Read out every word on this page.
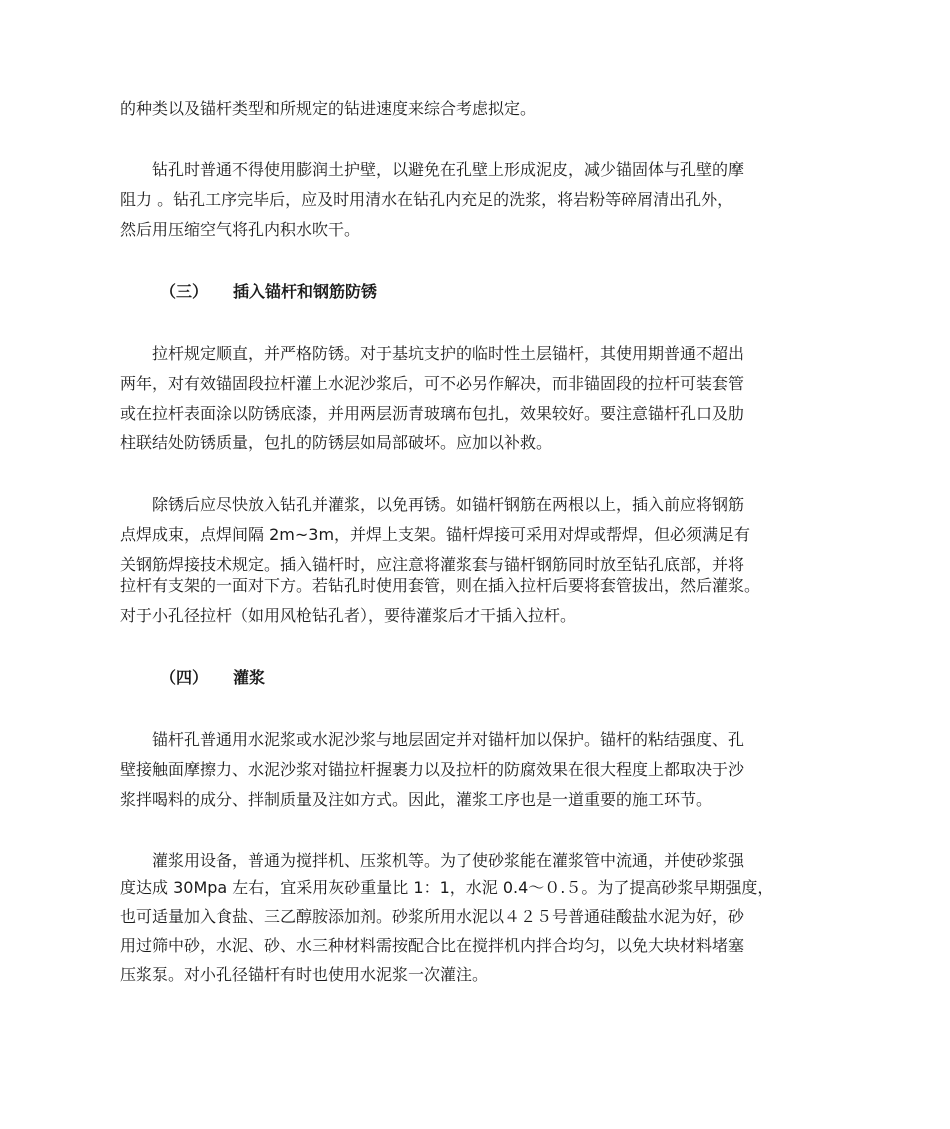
的种类以及锚杆类型和所规定的钻进速度来综合考虑拟定。
　　钻孔时普通不得使用膨润土护壁，以避免在孔壁上形成泥皮，减少锚固体与孔壁的摩
阻力 。钻孔工序完毕后，应及时用清水在钻孔内充足的洗浆，将岩粉等碎屑清出孔外，
然后用压缩空气将孔内积水吹干。
（三） 插入锚杆和钢筋防锈
　　拉杆规定顺直，并严格防锈。对于基坑支护的临时性土层锚杆，其使用期普通不超出
两年，对有效锚固段拉杆灌上水泥沙浆后，可不必另作解决，而非锚固段的拉杆可装套管
或在拉杆表面涂以防锈底漆，并用两层沥青玻璃布包扎，效果较好。要注意锚杆孔口及肋
柱联结处防锈质量，包扎的防锈层如局部破坏。应加以补救。
　　除锈后应尽快放入钻孔并灌浆，以免再锈。如锚杆钢筋在两根以上，插入前应将钢筋
点焊成束，点焊间隔 2m~3m，并焊上支架。锚杆焊接可采用对焊或帮焊，但必须满足有
关钢筋焊接技术规定。插入锚杆时，应注意将灌浆套与锚杆钢筋同时放至钻孔底部，并将
拉杆有支架的一面对下方。若钻孔时使用套管，则在插入拉杆后要将套管拔出，然后灌浆。
对于小孔径拉杆（如用风枪钻孔者），要待灌浆后才干插入拉杆。
（四） 灌浆
　　锚杆孔普通用水泥浆或水泥沙浆与地层固定并对锚杆加以保护。锚杆的粘结强度、孔
壁接触面摩擦力、水泥沙浆对锚拉杆握裹力以及拉杆的防腐效果在很大程度上都取决于沙
浆拌喝料的成分、拌制质量及注如方式。因此，灌浆工序也是一道重要的施工环节。
　　灌浆用设备，普通为搅拌机、压浆机等。为了使砂浆能在灌浆管中流通，并使砂浆强
度达成 30Mpa 左右，宜采用灰砂重量比 1：1，水泥 0.4～０.５。为了提高砂浆早期强度，
也可适量加入食盐、三乙醇胺添加剂。砂浆所用水泥以４２５号普通硅酸盐水泥为好，砂
用过筛中砂，水泥、砂、水三种材料需按配合比在搅拌机内拌合均匀，以免大块材料堵塞
压浆泵。对小孔径锚杆有时也使用水泥浆一次灌注。
